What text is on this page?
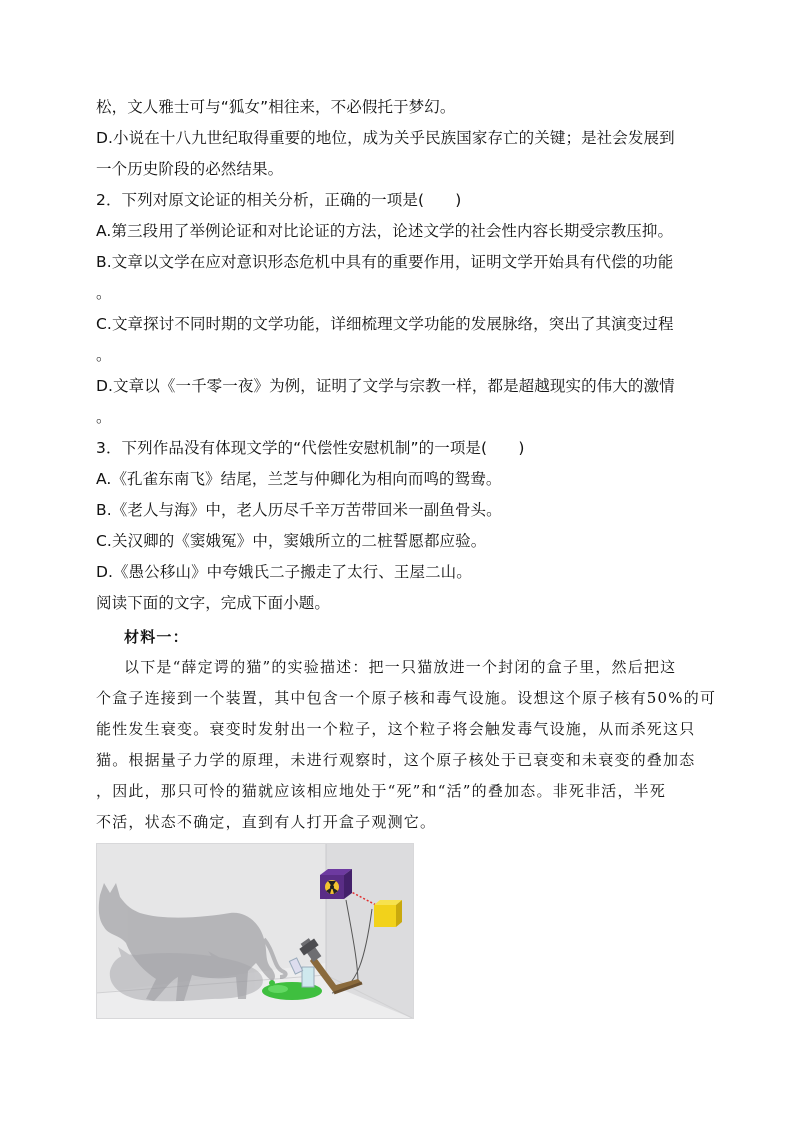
松，文人雅士可与“狐女”相往来，不必假托于梦幻。
D.小说在十八九世纪取得重要的地位，成为关乎民族国家存亡的关键；是社会发展到
一个历史阶段的必然结果。
2．下列对原文论证的相关分析，正确的一项是(　　)
A.第三段用了举例论证和对比论证的方法，论述文学的社会性内容长期受宗教压抑。
B.文章以文学在应对意识形态危机中具有的重要作用，证明文学开始具有代偿的功能
。
C.文章探讨不同时期的文学功能，详细梳理文学功能的发展脉络，突出了其演变过程
。
D.文章以《一千零一夜》为例，证明了文学与宗教一样，都是超越现实的伟大的激情
。
3．下列作品没有体现文学的“代偿性安慰机制”的一项是(　　)
A.《孔雀东南飞》结尾，兰芝与仲卿化为相向而鸣的鸳鸯。
B.《老人与海》中，老人历尽千辛万苦带回米一副鱼骨头。
C.关汉卿的《窦娥冤》中，窦娥所立的二桩誓愿都应验。
D.《愚公移山》中夸娥氏二子搬走了太行、王屋二山。
阅读下面的文字，完成下面小题。
材料一：
以下是“薛定谔的猫”的实验描述：把一只猫放进一个封闭的盒子里，然后把这
个盒子连接到一个装置，其中包含一个原子核和毒气设施。设想这个原子核有50%的可
能性发生衰变。衰变时发射出一个粒子，这个粒子将会触发毒气设施，从而杀死这只
猫。根据量子力学的原理，未进行观察时，这个原子核处于已衰变和未衰变的叠加态
，因此，那只可怜的猫就应该相应地处于“死”和“活”的叠加态。非死非活，半死
不活，状态不确定，直到有人打开盒子观测它。
